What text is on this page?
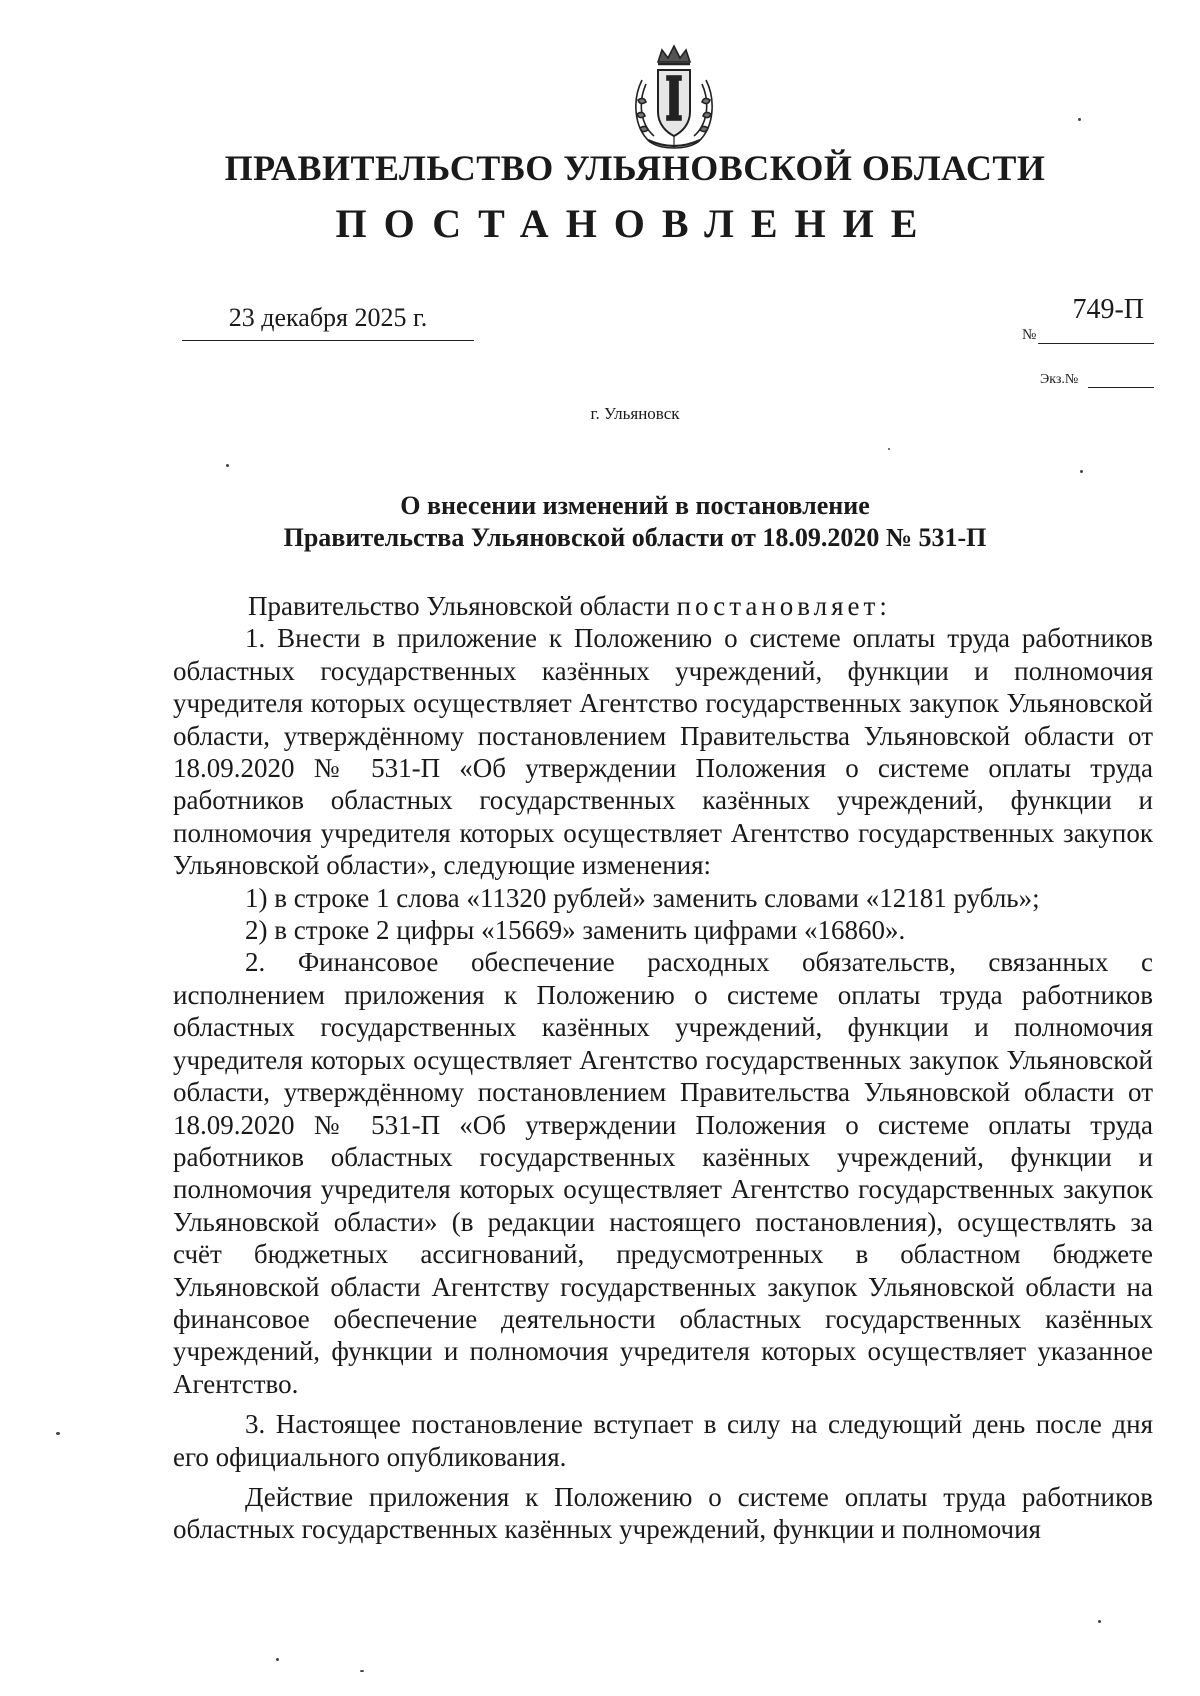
ПРАВИТЕЛЬСТВО УЛЬЯНОВСКОЙ ОБЛАСТИ
ПОСТАНОВЛЕНИЕ
23 декабря 2025 г.
№
749-П
Экз.№
г. Ульяновск
О внесении изменений в постановление
Правительства Ульяновской области от 18.09.2020 № 531-П

Правительство Ульяновской области постановляет:

1. Внести в приложение к Положению о системе оплаты труда работников областных государственных казённых учреждений, функции и полномочия учредителя которых осуществляет Агентство государственных закупок Ульяновской области, утверждённому постановлением Правительства Ульяновской области от 18.09.2020 № 531-П «Об утверждении Положения о системе оплаты труда работников областных государственных казённых учреждений, функции и полномочия учредителя которых осуществляет Агентство государственных закупок Ульяновской области», следующие изменения:

1) в строке 1 слова «11320 рублей» заменить словами «12181 рубль»;

2) в строке 2 цифры «15669» заменить цифрами «16860».

2. Финансовое обеспечение расходных обязательств, связанных с исполнением приложения к Положению о системе оплаты труда работников областных государственных казённых учреждений, функции и полномочия учредителя которых осуществляет Агентство государственных закупок Ульяновской области, утверждённому постановлением Правительства Ульяновской области от 18.09.2020 № 531-П «Об утверждении Положения о системе оплаты труда работников областных государственных казённых учреждений, функции и полномочия учредителя которых осуществляет Агентство государственных закупок Ульяновской области» (в редакции настоящего постановления), осуществлять за счёт бюджетных ассигнований, предусмотренных в областном бюджете Ульяновской области Агентству государственных закупок Ульяновской области на финансовое обеспечение деятельности областных государственных казённых учреждений, функции и полномочия учредителя которых осуществляет указанное Агентство.

3. Настоящее постановление вступает в силу на следующий день после дня его официального опубликования.

Действие приложения к Положению о системе оплаты труда работников областных государственных казённых учреждений, функции и полномочия
